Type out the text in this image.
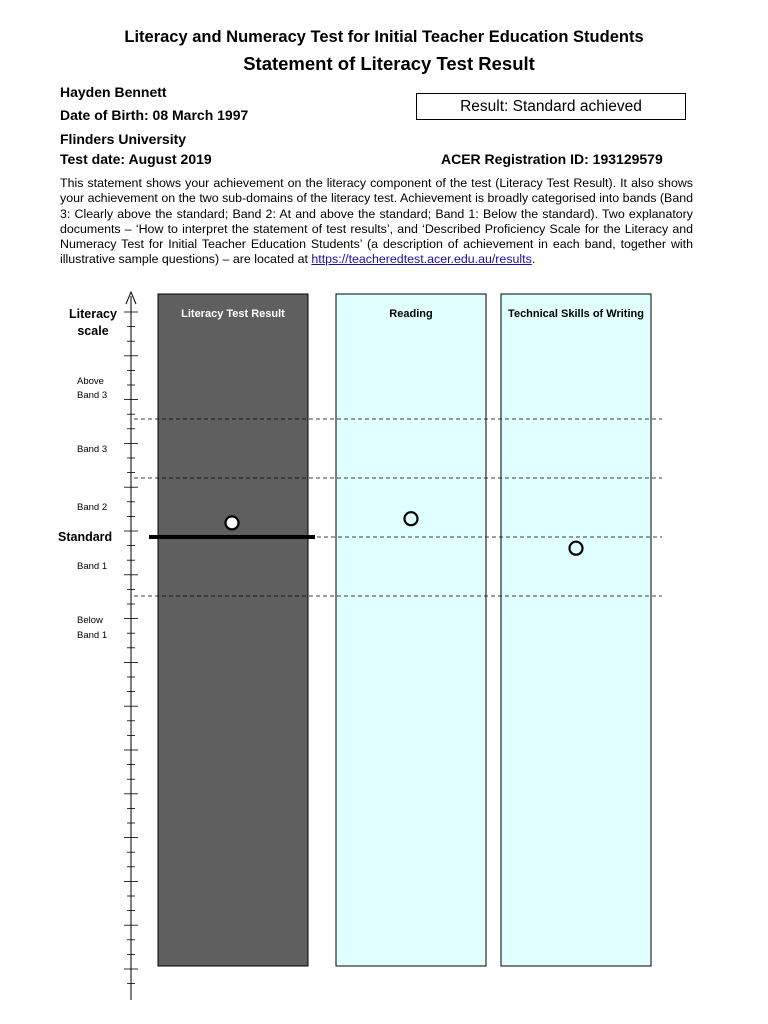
Literacy and Numeracy Test for Initial Teacher Education Students
Statement of Literacy Test Result
Hayden Bennett
Date of Birth: 08 March 1997
Flinders University
Test date: August 2019
Result: Standard achieved
ACER Registration ID: 193129579
This statement shows your achievement on the literacy component of the test (Literacy Test Result). It also shows your achievement on the two sub-domains of the literacy test. Achievement is broadly categorised into bands (Band 3: Clearly above the standard; Band 2: At and above the standard; Band 1: Below the standard). Two explanatory documents – ‘How to interpret the statement of test results’, and ‘Described Proficiency Scale for the Literacy and Numeracy Test for Initial Teacher Education Students’ (a description of achievement in each band, together with illustrative sample questions) – are located at https://teacheredtest.acer.edu.au/results.
Literacy Test Result	Reading	Technical Skills of Writing
Literacy
scale
Above
Band 3
Band 3
Band 2
Band 1
Below
Band 1
Standard
